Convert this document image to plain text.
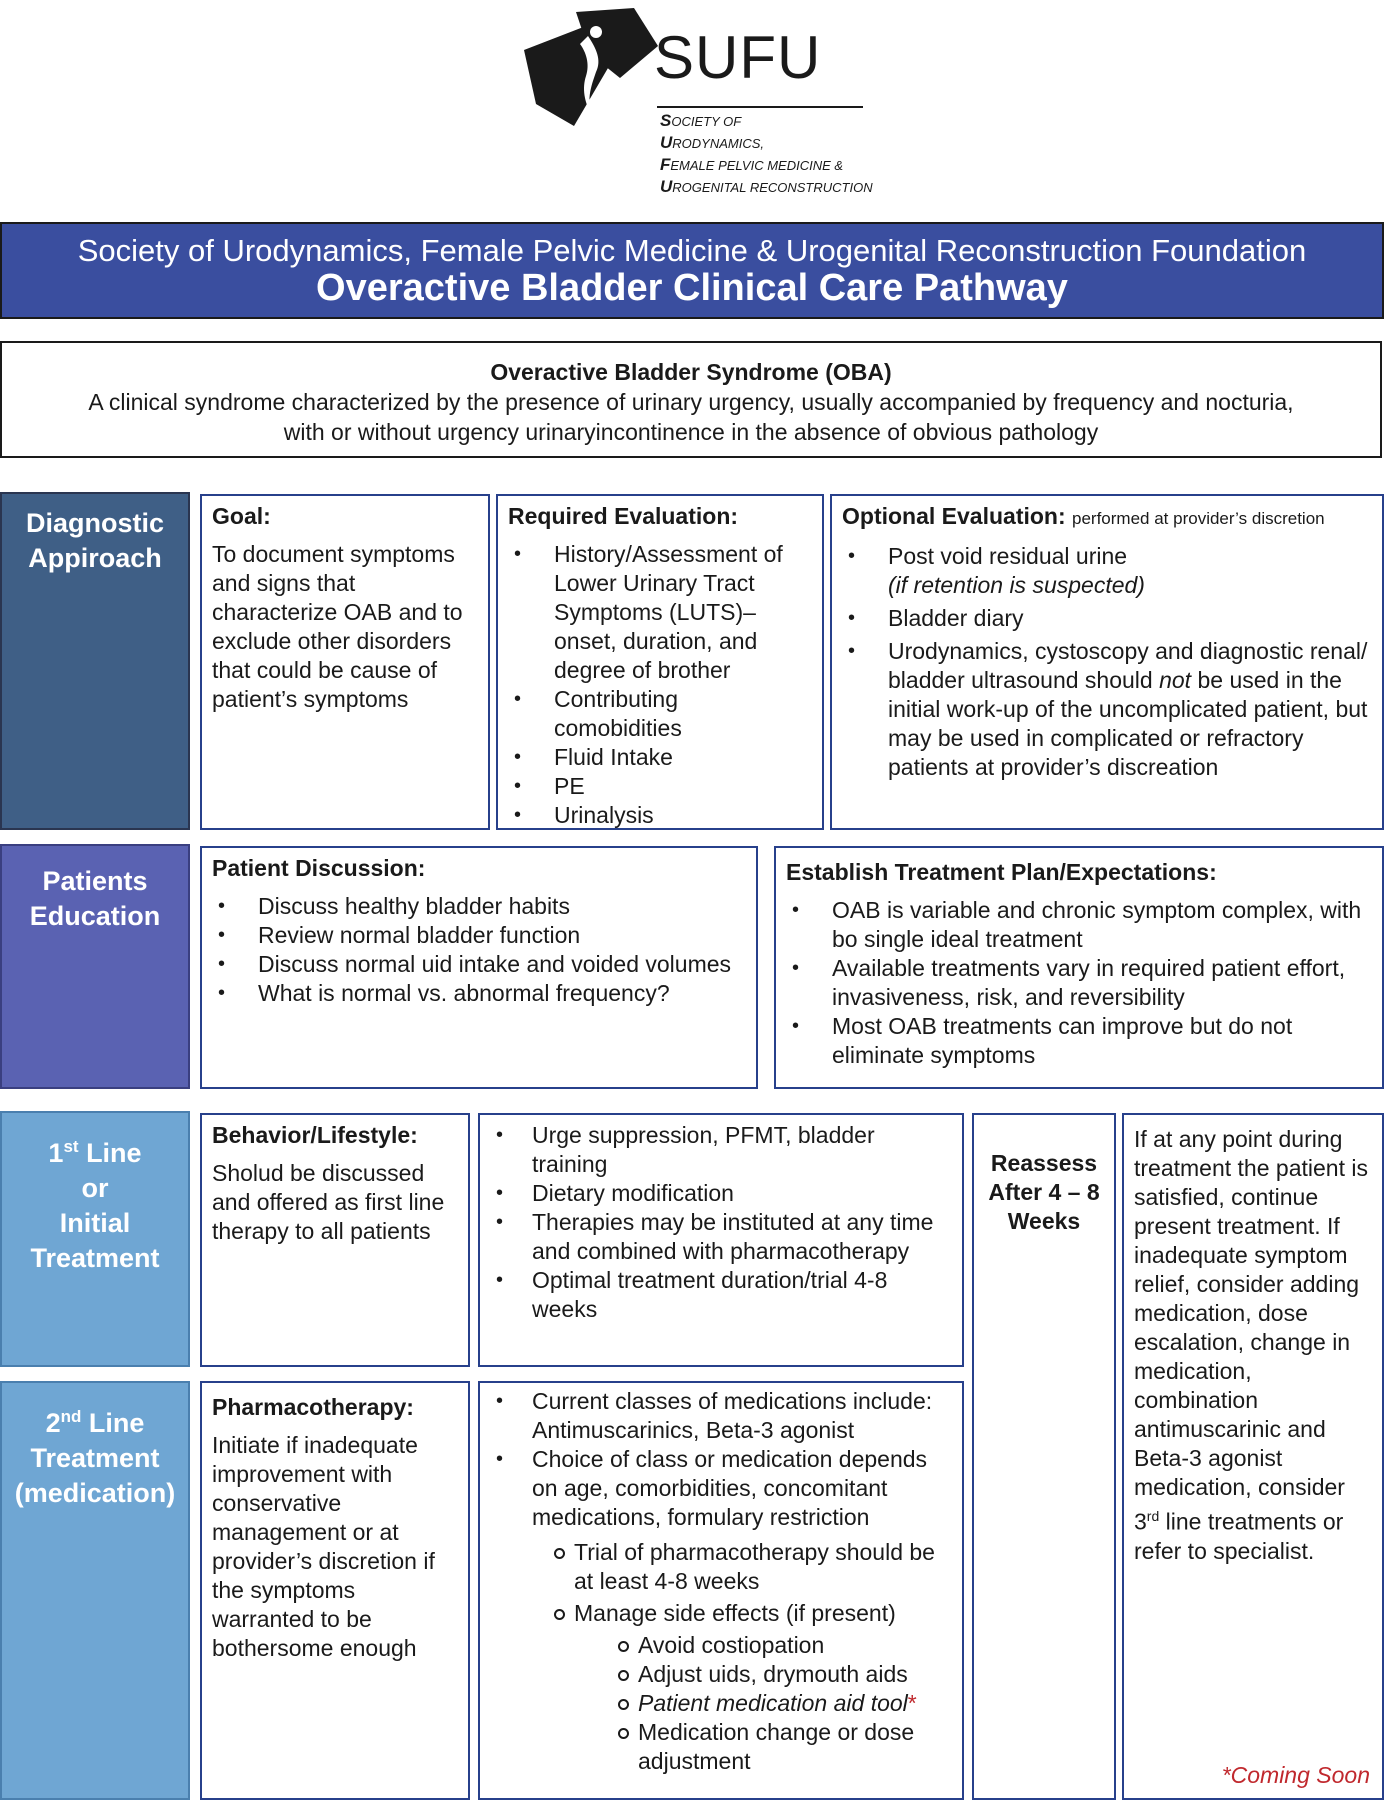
SUFU
SOCIETY OF
URODYNAMICS,
FEMALE PELVIC MEDICINE &
UROGENITAL RECONSTRUCTION
Society of Urodynamics, Female Pelvic Medicine & Urogenital Reconstruction Foundation
Overactive Bladder Clinical Care Pathway
Overactive Bladder Syndrome (OBA)
A clinical syndrome characterized by the presence of urinary urgency, usually accompanied by frequency and nocturia,
with or without urgency urinaryincontinence in the absence of obvious pathology
Diagnostic
Appiroach
Goal:
To document symptoms and signs that characterize OAB and to exclude other disorders that could be cause of patient’s symptoms
Required Evaluation:
• History/Assessment of Lower Urinary Tract Symptoms (LUTS)– onset, duration, and degree of brother
• Contributing comobidities
• Fluid Intake
• PE
• Urinalysis
Optional Evaluation: performed at provider’s discretion
• Post void residual urine
(if retention is suspected)
• Bladder diary
• Urodynamics, cystoscopy and diagnostic renal/ bladder ultrasound should not be used in the initial work-up of the uncomplicated patient, but may be used in complicated or refractory patients at provider’s discreation
Patients
Education
Patient Discussion:
• Discuss healthy bladder habits
• Review normal bladder function
• Discuss normal uid intake and voided volumes
• What is normal vs. abnormal frequency?
Establish Treatment Plan/Expectations:
• OAB is variable and chronic symptom complex, with bo single ideal treatment
• Available treatments vary in required patient effort, invasiveness, risk, and reversibility
• Most OAB treatments can improve but do not eliminate symptoms
1st Line
or
Initial
Treatment
Behavior/Lifestyle:
Sholud be discussed and offered as first line therapy to all patients
• Urge suppression, PFMT, bladder training
• Dietary modification
• Therapies may be instituted at any time and combined with pharmacotherapy
• Optimal treatment duration/trial 4-8 weeks
Reassess
After 4 – 8
Weeks
If at any point during treatment the patient is satisfied, continue present treatment. If inadequate symptom relief, consider adding medication, dose escalation, change in medication, combination antimuscarinic and Beta-3 agonist medication, consider 3rd line treatments or refer to specialist.
*Coming Soon
2nd Line
Treatment
(medication)
Pharmacotherapy:
Initiate if inadequate improvement with conservative management or at provider’s discretion if the symptoms warranted to be bothersome enough
• Current classes of medications include: Antimuscarinics, Beta-3 agonist
• Choice of class or medication depends on age, comorbidities, concomitant medications, formulary restriction
Trial of pharmacotherapy should be at least 4-8 weeks
Manage side effects (if present)
Avoid costiopation
Adjust uids, drymouth aids
Patient medication aid tool*
Medication change or dose adjustment
